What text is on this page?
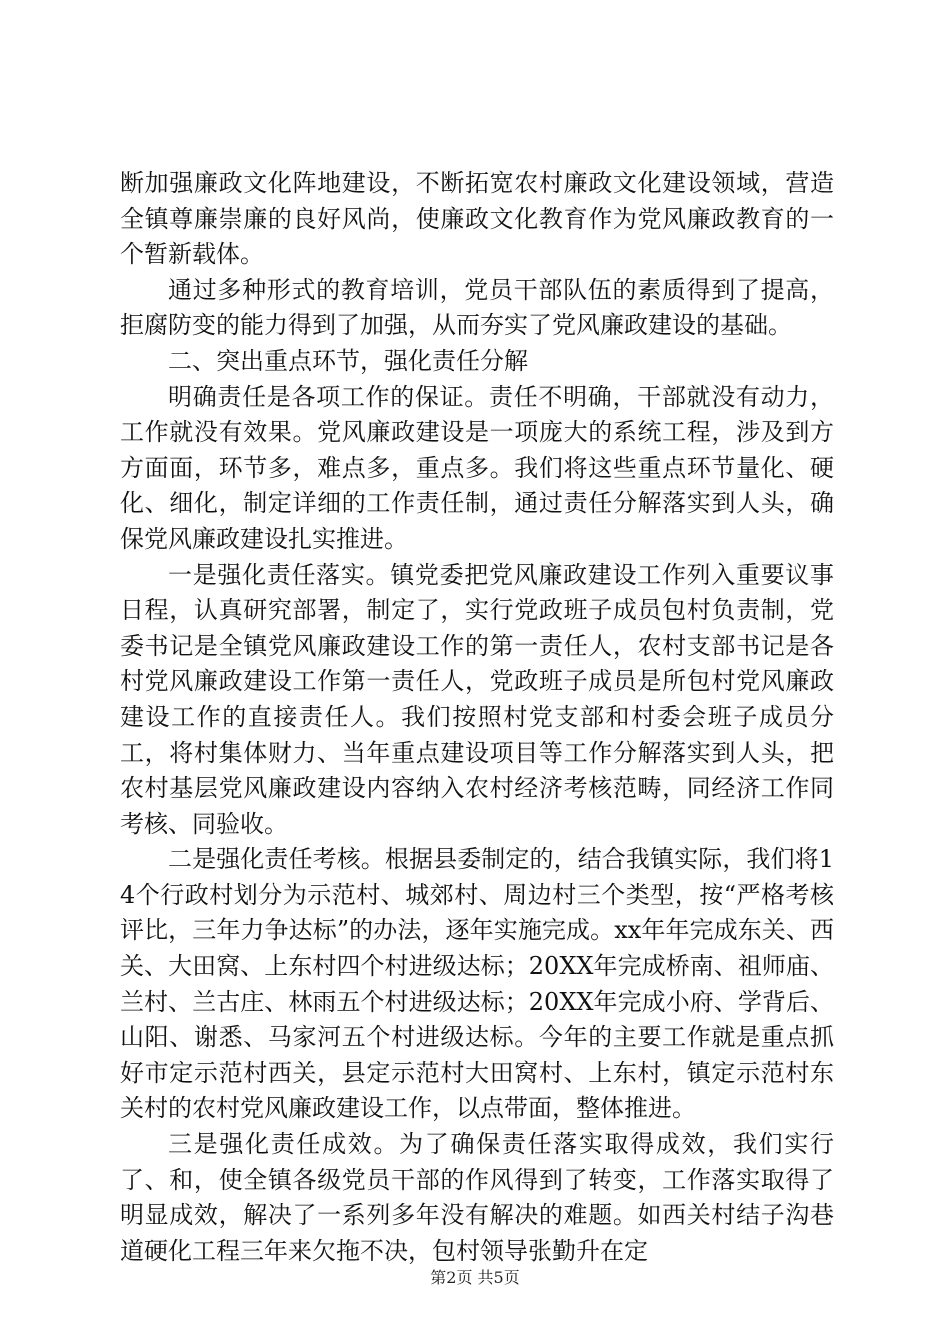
断加强廉政文化阵地建设，不断拓宽农村廉政文化建设领域，营造全镇尊廉崇廉的良好风尚，使廉政文化教育作为党风廉政教育的一个暂新载体。

通过多种形式的教育培训，党员干部队伍的素质得到了提高，拒腐防变的能力得到了加强，从而夯实了党风廉政建设的基础。

二、突出重点环节，强化责任分解

明确责任是各项工作的保证。责任不明确，干部就没有动力，工作就没有效果。党风廉政建设是一项庞大的系统工程，涉及到方方面面，环节多，难点多，重点多。我们将这些重点环节量化、硬化、细化，制定详细的工作责任制，通过责任分解落实到人头，确保党风廉政建设扎实推进。

一是强化责任落实。镇党委把党风廉政建设工作列入重要议事日程，认真研究部署，制定了，实行党政班子成员包村负责制，党委书记是全镇党风廉政建设工作的第一责任人，农村支部书记是各村党风廉政建设工作第一责任人，党政班子成员是所包村党风廉政建设工作的直接责任人。我们按照村党支部和村委会班子成员分工，将村集体财力、当年重点建设项目等工作分解落实到人头，把农村基层党风廉政建设内容纳入农村经济考核范畴，同经济工作同考核、同验收。

二是强化责任考核。根据县委制定的，结合我镇实际，我们将14个行政村划分为示范村、城郊村、周边村三个类型，按“严格考核评比，三年力争达标”的办法，逐年实施完成。xx年年完成东关、西关、大田窝、上东村四个村进级达标；20XX年完成桥南、祖师庙、兰村、兰古庄、林雨五个村进级达标；20XX年完成小府、学背后、山阳、谢悉、马家河五个村进级达标。今年的主要工作就是重点抓好市定示范村西关，县定示范村大田窝村、上东村，镇定示范村东关村的农村党风廉政建设工作，以点带面，整体推进。

三是强化责任成效。为了确保责任落实取得成效，我们实行了、和，使全镇各级党员干部的作风得到了转变，工作落实取得了明显成效，解决了一系列多年没有解决的难题。如西关村结子沟巷道硬化工程三年来欠拖不决，包村领导张勤升在定

第2页 共5页
